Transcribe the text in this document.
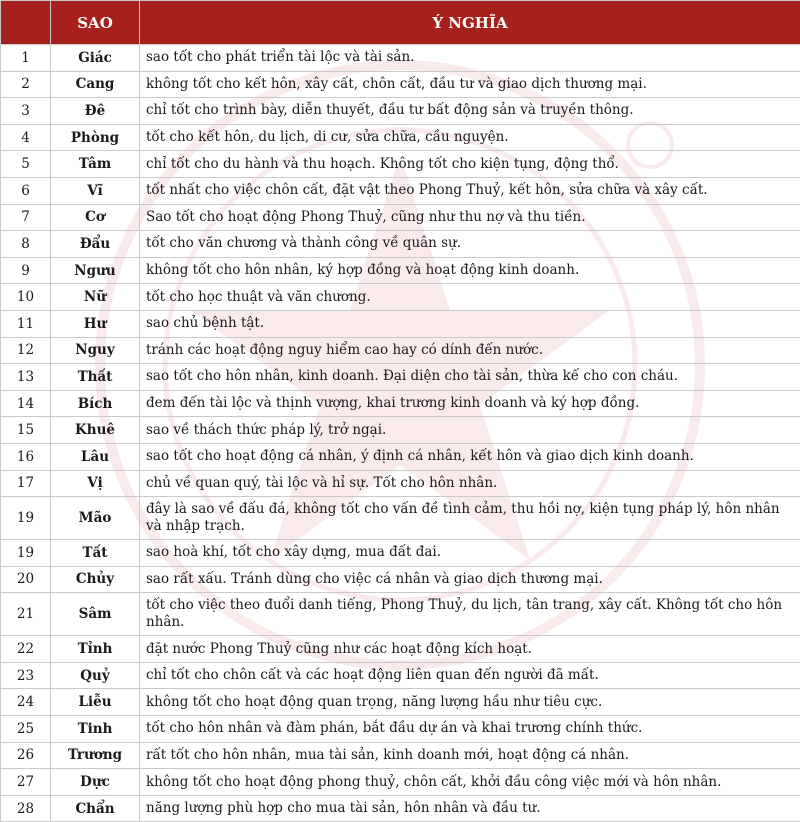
	SAO	Ý NGHĨA
1	Giác	sao tốt cho phát triển tài lộc và tài sản.
2	Cang	không tốt cho kết hôn, xây cất, chôn cất, đầu tư và giao dịch thương mại.
3	Đê	chỉ tốt cho trình bày, diễn thuyết, đầu tư bất động sản và truyền thông.
4	Phòng	tốt cho kết hôn, du lịch, di cư, sửa chữa, cầu nguyện.
5	Tâm	chỉ tốt cho du hành và thu hoạch. Không tốt cho kiện tụng, động thổ.
6	Vĩ	tốt nhất cho việc chôn cất, đặt vật theo Phong Thuỷ, kết hôn, sửa chữa và xây cất.
7	Cơ	Sao tốt cho hoạt động Phong Thuỷ, cũng như thu nợ và thu tiền.
8	Đẩu	tốt cho văn chương và thành công về quân sự.
9	Ngưu	không tốt cho hôn nhân, ký hợp đồng và hoạt động kinh doanh.
10	Nữ	tốt cho học thuật và văn chương.
11	Hư	sao chủ bệnh tật.
12	Nguy	tránh các hoạt động nguy hiểm cao hay có dính đến nước.
13	Thất	sao tốt cho hôn nhân, kinh doanh. Đại diện cho tài sản, thừa kế cho con cháu.
14	Bích	đem đến tài lộc và thịnh vượng, khai trương kinh doanh và ký hợp đồng.
15	Khuê	sao về thách thức pháp lý, trở ngại.
16	Lâu	sao tốt cho hoạt động cá nhân, ý định cá nhân, kết hôn và giao dịch kinh doanh.
17	Vị	chủ về quan quý, tài lộc và hỉ sự. Tốt cho hôn nhân.
19	Mão	đây là sao về đấu đá, không tốt cho vấn đề tình cảm, thu hồi nợ, kiện tụng pháp lý, hôn nhân và nhập trạch.
19	Tất	sao hoà khí, tốt cho xây dựng, mua đất đai.
20	Chủy	sao rất xấu. Tránh dùng cho việc cá nhân và giao dịch thương mại.
21	Sâm	tốt cho việc theo đuổi danh tiếng, Phong Thuỷ, du lịch, tân trang, xây cất. Không tốt cho hôn nhân.
22	Tỉnh	đặt nước Phong Thuỷ cũng như các hoạt động kích hoạt.
23	Quỷ	chỉ tốt cho chôn cất và các hoạt động liên quan đến người đã mất.
24	Liễu	không tốt cho hoạt động quan trọng, năng lượng hầu như tiêu cực.
25	Tinh	tốt cho hôn nhân và đàm phán, bắt đầu dự án và khai trương chính thức.
26	Trương	rất tốt cho hôn nhân, mua tài sản, kinh doanh mới, hoạt động cá nhân.
27	Dực	không tốt cho hoạt động phong thuỷ, chôn cất, khởi đầu công việc mới và hôn nhân.
28	Chẩn	năng lượng phù hợp cho mua tài sản, hôn nhân và đầu tư.
